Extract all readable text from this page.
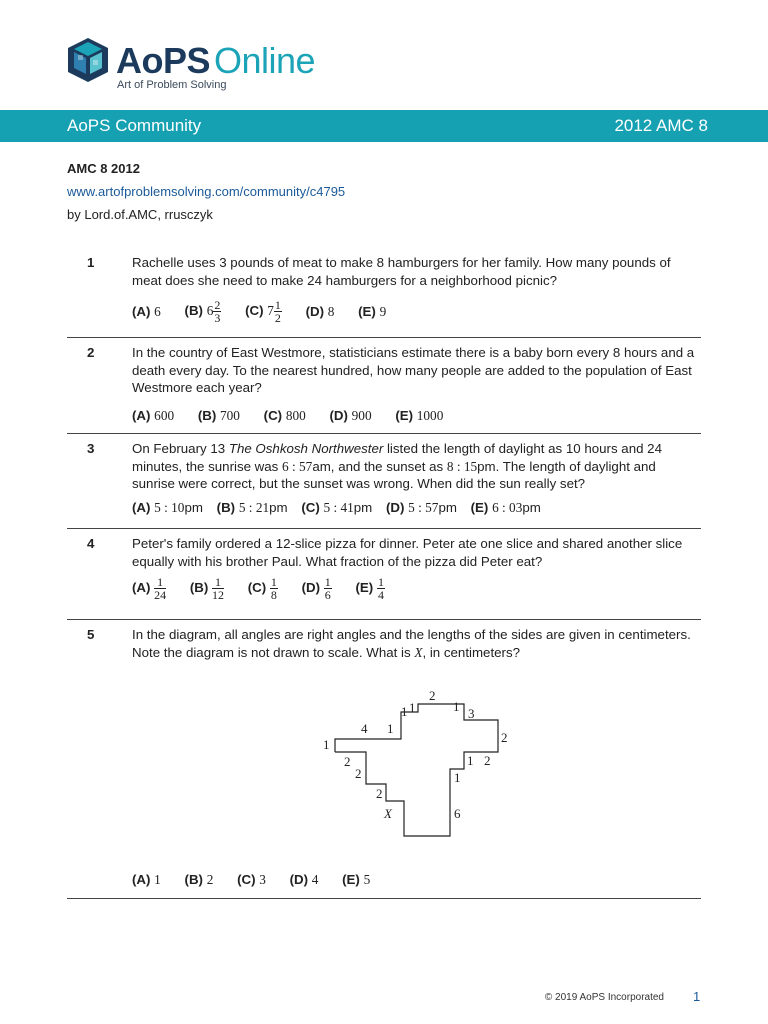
AoPS Online
Art of Problem Solving
AoPS Community	2012 AMC 8
AMC 8 2012
www.artofproblemsolving.com/community/c4795
by Lord.of.AMC, rrusczyk
1	Rachelle uses 3 pounds of meat to make 8 hamburgers for her family. How many pounds of meat does she need to make 24 hamburgers for a neighborhood picnic?
(A) 6 (B) $6 \frac{2}{3} (C)$ $7 \frac{1}{2} (D)$ 8 (E) 9
2	In the country of East Westmore, statisticians estimate there is a baby born every 8 hours and a death every day. To the nearest hundred, how many people are added to the population of East Westmore each year?
(A) 600 (B) 700 (C) 800 (D) 900 (E) 1000
3	On February 13 The Oshkosh Northwester listed the length of daylight as 10 hours and 24 minutes, the sunrise was 6 : 57am, and the sunset as 8 : 15pm. The length of daylight and sunrise were correct, but the sunset was wrong. When did the sun really set?
(A) 5 : 10pm (B) 5 : 21pm (C) 5 : 41pm (D) 5 : 57pm (E) 6 : 03pm
4	Peter's family ordered a 12-slice pizza for dinner. Peter ate one slice and shared another slice equally with his brother Paul. What fraction of the pizza did Peter eat?
$(A) \frac{1}{24} (B) \frac{1}{12} (C) \frac{1}{8} (D) \frac{1}{6} (E) \frac{1}{4}$
5	In the diagram, all angles are right angles and the lengths of the sides are given in centimeters. Note the diagram is not drawn to scale. What is X, in centimeters?
2
1 1	1 3
4 1
2
1
2
2
1 2
2
X
1
6
(A) 1 (B) 2 (C) 3 (D) 4 (E) 5
© 2019 AoPS Incorporated 1
